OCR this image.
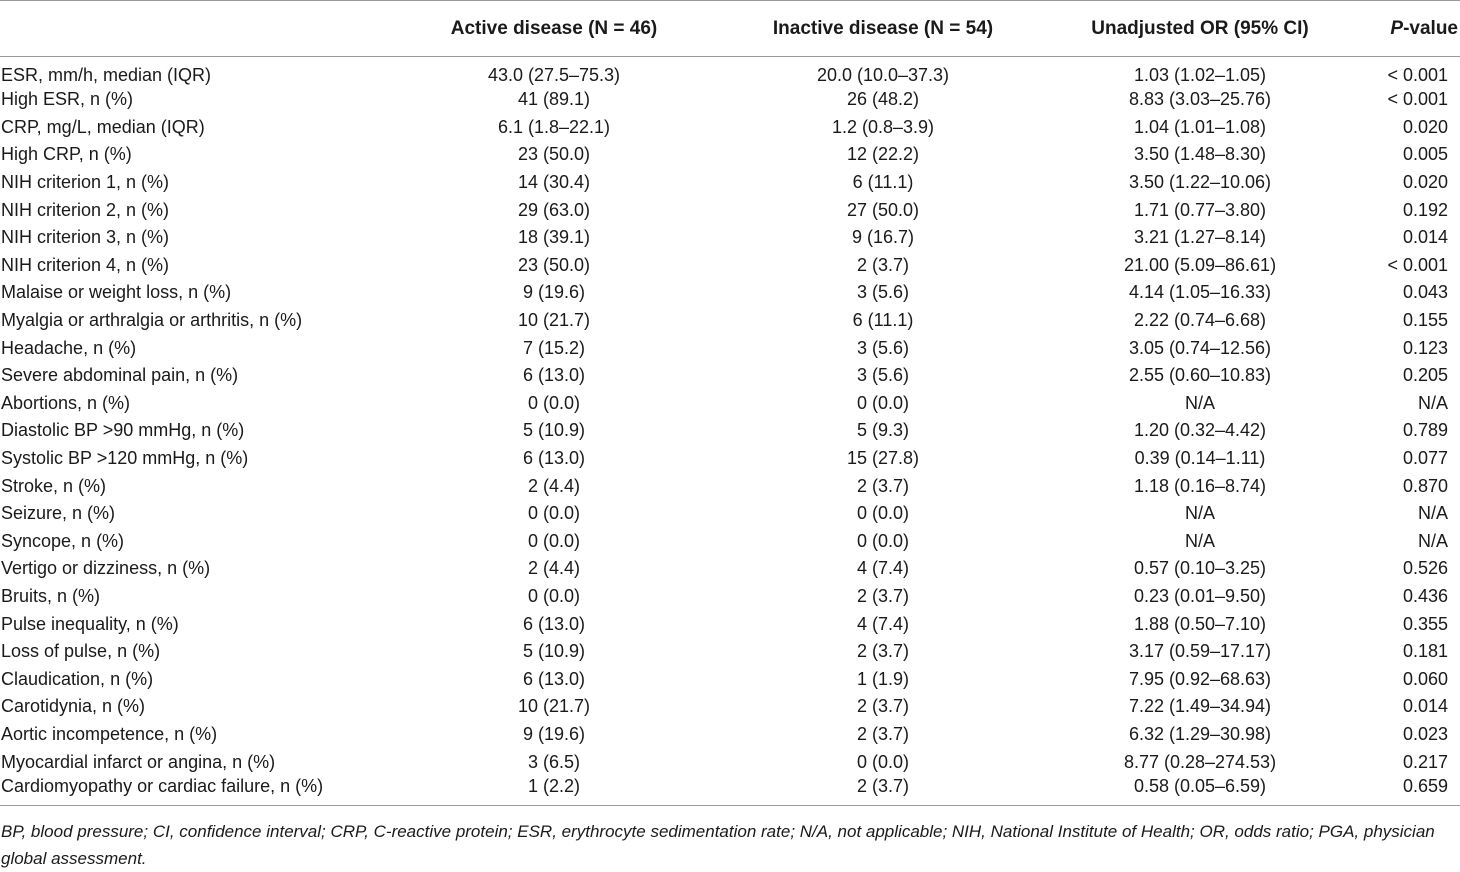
	Active disease (N = 46)	Inactive disease (N = 54)	Unadjusted OR (95% CI)	P-value
ESR, mm/h, median (IQR)	43.0 (27.5–75.3)	20.0 (10.0–37.3)	1.03 (1.02–1.05)	< 0.001
High ESR, n (%)	41 (89.1)	26 (48.2)	8.83 (3.03–25.76)	< 0.001
CRP, mg/L, median (IQR)	6.1 (1.8–22.1)	1.2 (0.8–3.9)	1.04 (1.01–1.08)	0.020
High CRP, n (%)	23 (50.0)	12 (22.2)	3.50 (1.48–8.30)	0.005
NIH criterion 1, n (%)	14 (30.4)	6 (11.1)	3.50 (1.22–10.06)	0.020
NIH criterion 2, n (%)	29 (63.0)	27 (50.0)	1.71 (0.77–3.80)	0.192
NIH criterion 3, n (%)	18 (39.1)	9 (16.7)	3.21 (1.27–8.14)	0.014
NIH criterion 4, n (%)	23 (50.0)	2 (3.7)	21.00 (5.09–86.61)	< 0.001
Malaise or weight loss, n (%)	9 (19.6)	3 (5.6)	4.14 (1.05–16.33)	0.043
Myalgia or arthralgia or arthritis, n (%)	10 (21.7)	6 (11.1)	2.22 (0.74–6.68)	0.155
Headache, n (%)	7 (15.2)	3 (5.6)	3.05 (0.74–12.56)	0.123
Severe abdominal pain, n (%)	6 (13.0)	3 (5.6)	2.55 (0.60–10.83)	0.205
Abortions, n (%)	0 (0.0)	0 (0.0)	N/A	N/A
Diastolic BP >90 mmHg, n (%)	5 (10.9)	5 (9.3)	1.20 (0.32–4.42)	0.789
Systolic BP >120 mmHg, n (%)	6 (13.0)	15 (27.8)	0.39 (0.14–1.11)	0.077
Stroke, n (%)	2 (4.4)	2 (3.7)	1.18 (0.16–8.74)	0.870
Seizure, n (%)	0 (0.0)	0 (0.0)	N/A	N/A
Syncope, n (%)	0 (0.0)	0 (0.0)	N/A	N/A
Vertigo or dizziness, n (%)	2 (4.4)	4 (7.4)	0.57 (0.10–3.25)	0.526
Bruits, n (%)	0 (0.0)	2 (3.7)	0.23 (0.01–9.50)	0.436
Pulse inequality, n (%)	6 (13.0)	4 (7.4)	1.88 (0.50–7.10)	0.355
Loss of pulse, n (%)	5 (10.9)	2 (3.7)	3.17 (0.59–17.17)	0.181
Claudication, n (%)	6 (13.0)	1 (1.9)	7.95 (0.92–68.63)	0.060
Carotidynia, n (%)	10 (21.7)	2 (3.7)	7.22 (1.49–34.94)	0.014
Aortic incompetence, n (%)	9 (19.6)	2 (3.7)	6.32 (1.29–30.98)	0.023
Myocardial infarct or angina, n (%)	3 (6.5)	0 (0.0)	8.77 (0.28–274.53)	0.217
Cardiomyopathy or cardiac failure, n (%)	1 (2.2)	2 (3.7)	0.58 (0.05–6.59)	0.659
BP, blood pressure; CI, confidence interval; CRP, C-reactive protein; ESR, erythrocyte sedimentation rate; N/A, not applicable; NIH, National Institute of Health; OR, odds ratio; PGA, physician global assessment.
